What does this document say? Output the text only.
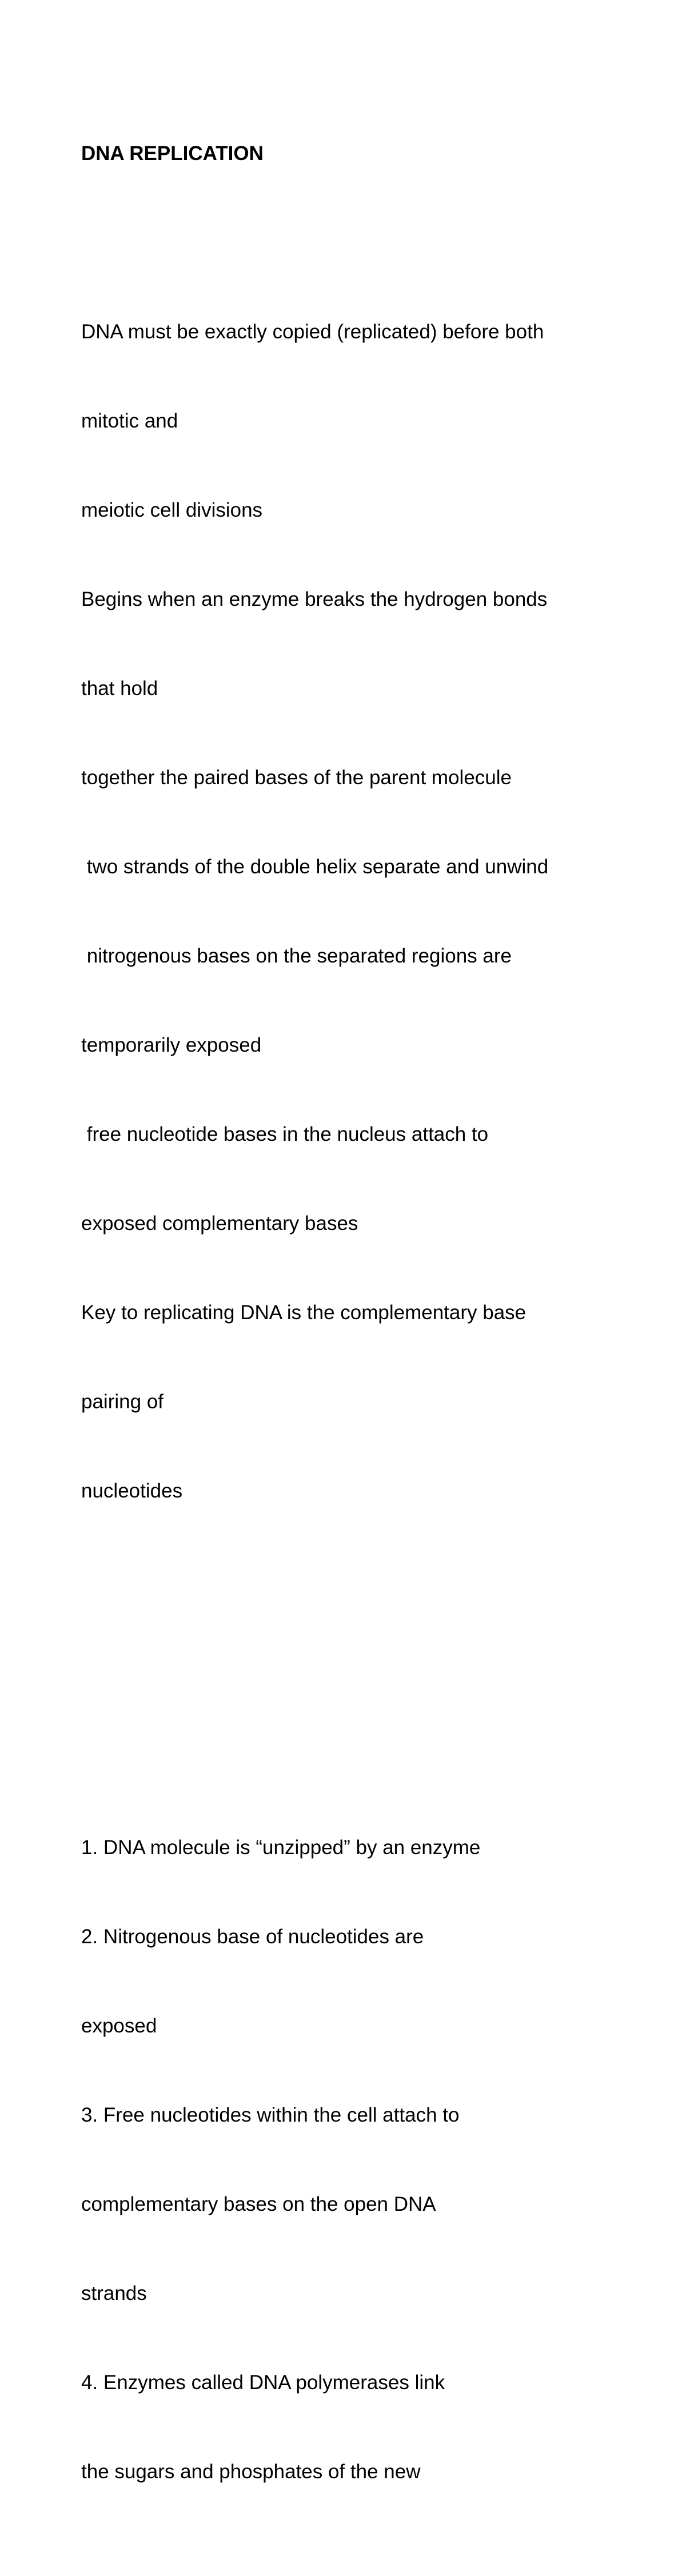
DNA REPLICATION

DNA must be exactly copied (replicated) before both

mitotic and

meiotic cell divisions

Begins when an enzyme breaks the hydrogen bonds

that hold

together the paired bases of the parent molecule

two strands of the double helix separate and unwind

nitrogenous bases on the separated regions are

temporarily exposed

free nucleotide bases in the nucleus attach to

exposed complementary bases

Key to replicating DNA is the complementary base

pairing of

nucleotides

1. DNA molecule is “unzipped” by an enzyme

2. Nitrogenous base of nucleotides are

exposed

3. Free nucleotides within the cell attach to

complementary bases on the open DNA

strands

4. Enzymes called DNA polymerases link

the sugars and phosphates of the new
